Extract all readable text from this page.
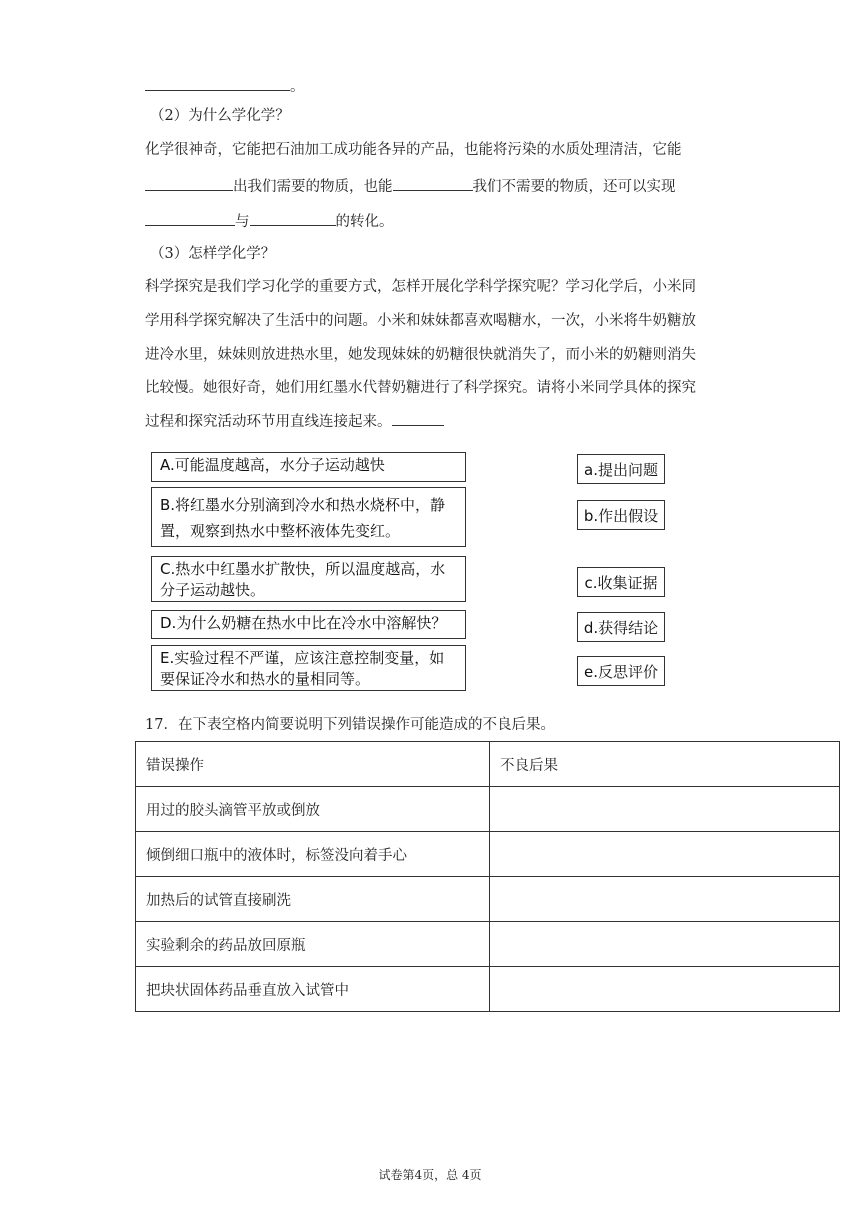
。
（2）为什么学化学？
化学很神奇，它能把石油加工成功能各异的产品，也能将污染的水质处理清洁，它能
出我们需要的物质，也能	我们不需要的物质，还可以实现
与	的转化。
（3）怎样学化学？
科学探究是我们学习化学的重要方式，怎样开展化学科学探究呢？学习化学后，小米同
学用科学探究解决了生活中的问题。小米和妹妹都喜欢喝糖水，一次，小米将牛奶糖放
进冷水里，妹妹则放进热水里，她发现妹妹的奶糖很快就消失了，而小米的奶糖则消失
比较慢。她很好奇，她们用红墨水代替奶糖进行了科学探究。请将小米同学具体的探究
过程和探究活动环节用直线连接起来。
A.可能温度越高，水分子运动越快
B.将红墨水分别滴到冷水和热水烧杯中，静
置，观察到热水中整杯液体先变红。
C.热水中红墨水扩散快，所以温度越高，水
分子运动越快。
D.为什么奶糖在热水中比在冷水中溶解快？
E.实验过程不严谨，应该注意控制变量，如
要保证冷水和热水的量相同等。
a.提出问题
b.作出假设
c.收集证据
d.获得结论
e.反思评价
17．在下表空格内简要说明下列错误操作可能造成的不良后果。
错误操作	不良后果
用过的胶头滴管平放或倒放	
倾倒细口瓶中的液体时，标签没向着手心	
加热后的试管直接刷洗	
实验剩余的药品放回原瓶	
把块状固体药品垂直放入试管中	
试卷第4页，总 4页
